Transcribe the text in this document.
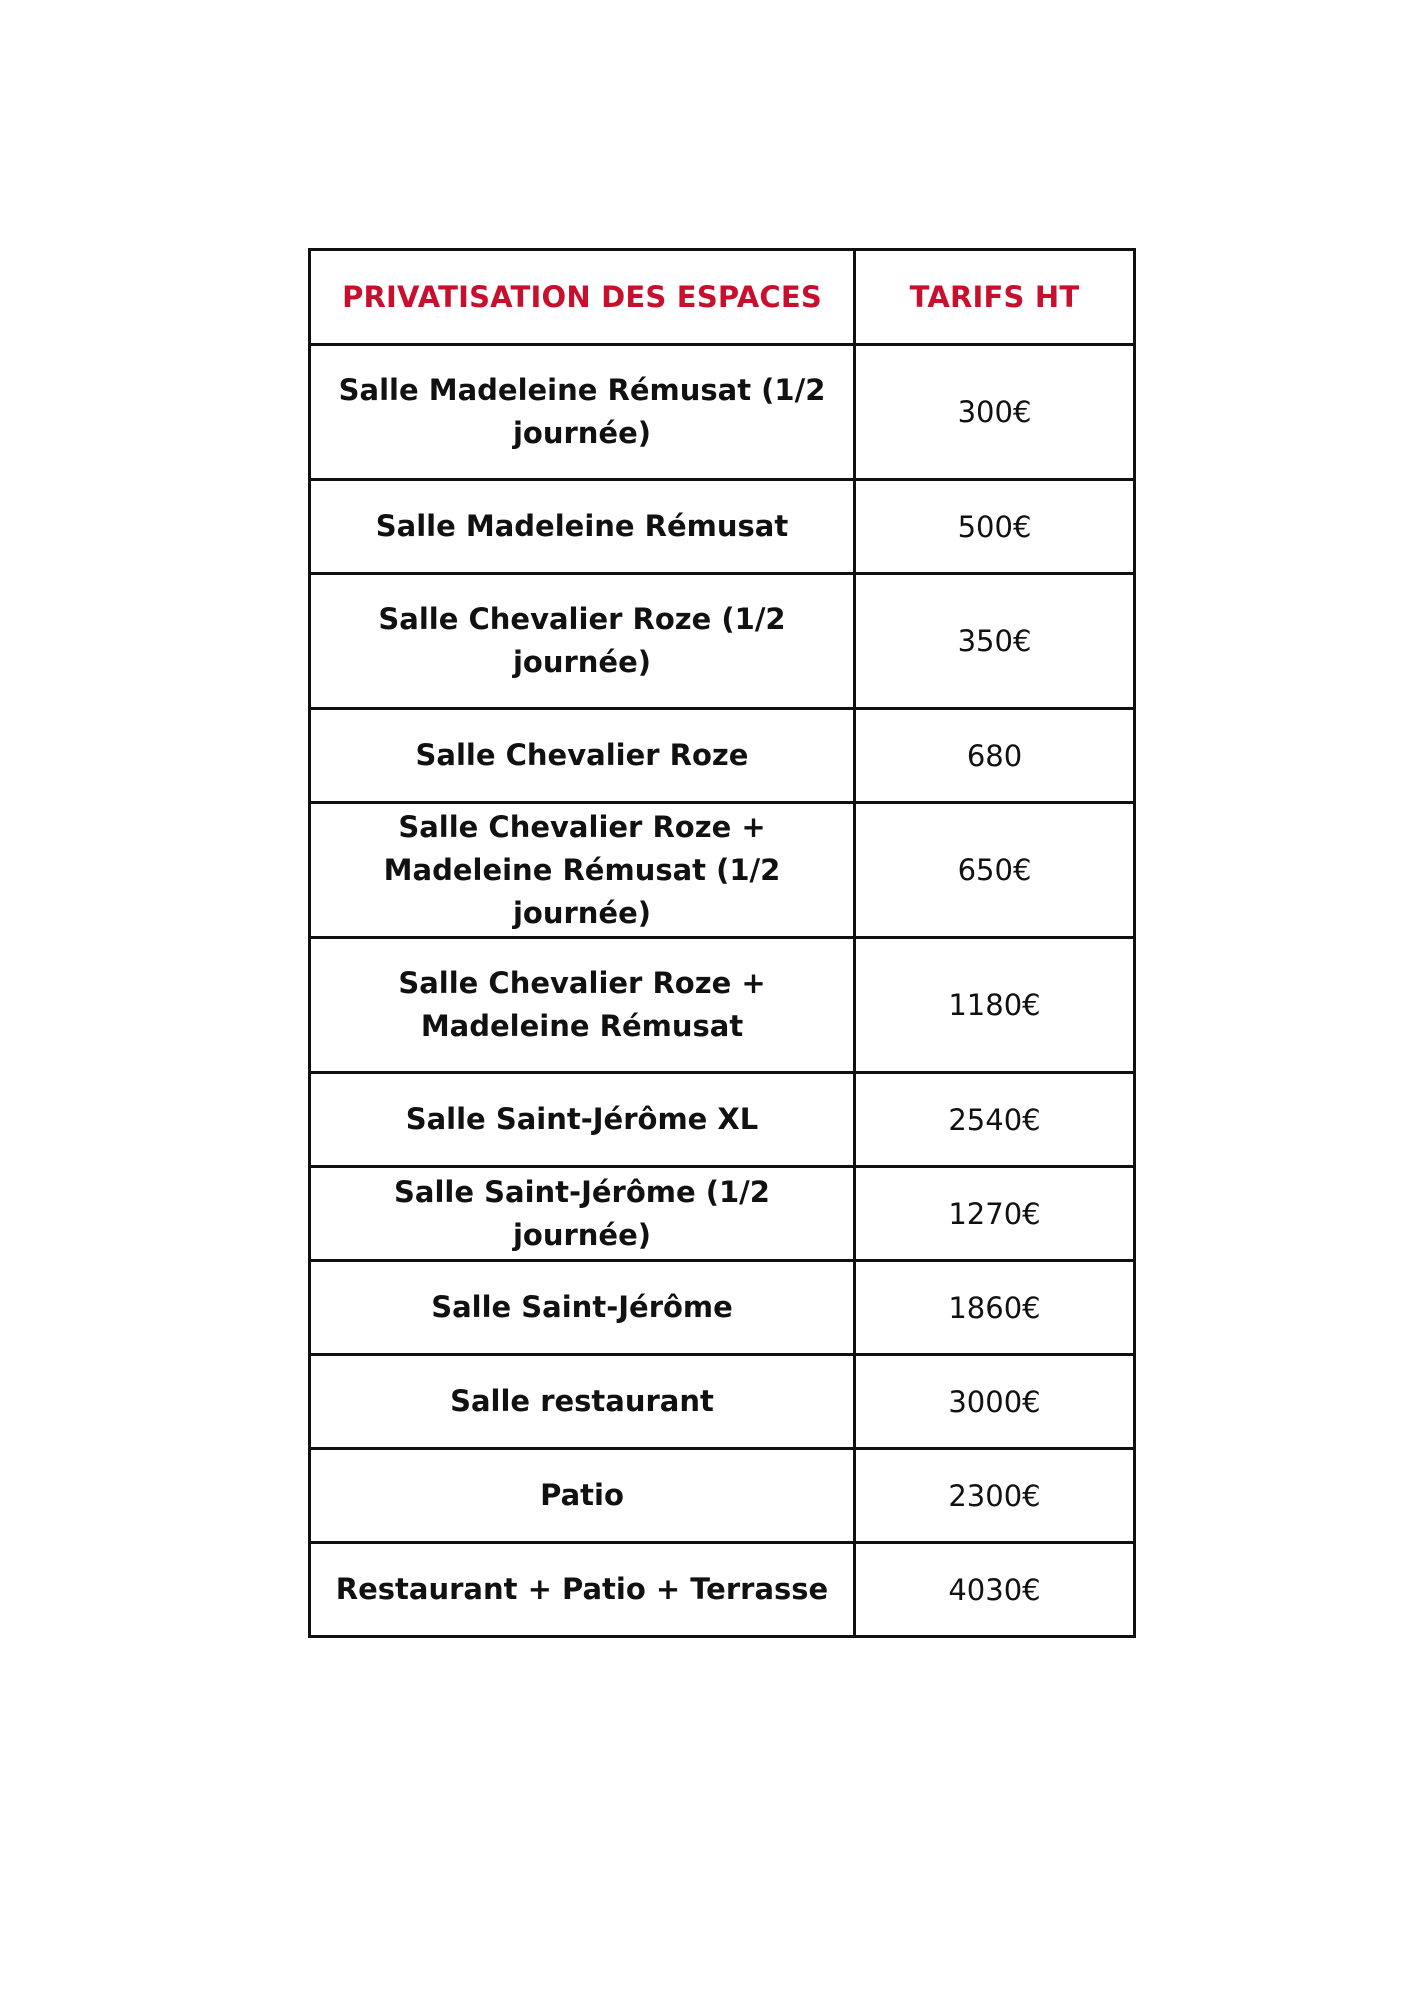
PRIVATISATION DES ESPACES	TARIFS HT
Salle Madeleine Rémusat (1/2 journée)	300€
Salle Madeleine Rémusat	500€
Salle Chevalier Roze (1/2 journée)	350€
Salle Chevalier Roze	680
Salle Chevalier Roze + Madeleine Rémusat (1/2 journée)	650€
Salle Chevalier Roze + Madeleine Rémusat	1180€
Salle Saint-Jérôme XL	2540€
Salle Saint-Jérôme (1/2 journée)	1270€
Salle Saint-Jérôme	1860€
Salle restaurant	3000€
Patio	2300€
Restaurant + Patio + Terrasse	4030€
